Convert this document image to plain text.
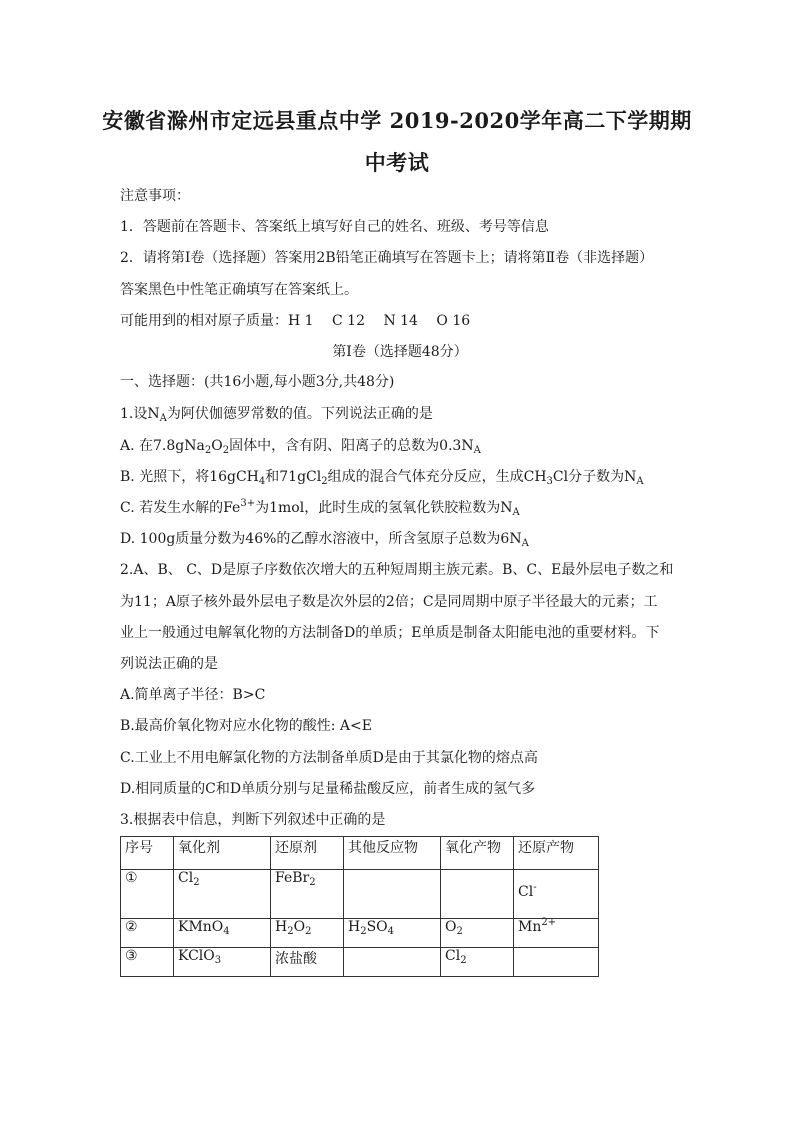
安徽省滁州市定远县重点中学 2019-2020学年高二下学期期
中考试
注意事项：
1．答题前在答题卡、答案纸上填写好自己的姓名、班级、考号等信息
2．请将第Ⅰ卷（选择题）答案用2B铅笔正确填写在答题卡上；请将第Ⅱ卷（非选择题）
答案黑色中性笔正确填写在答案纸上。
可能用到的相对原子质量：H 1　 C 12　 N 14　 O 16
第Ⅰ卷（选择题48分）
一、选择题：(共16小题,每小题3分,共48分)
1.设$N_A$为阿伏伽德罗常数的值。下列说法正确的是
A. 在$7.8gNa_2O_2$固体中，含有阴、阳离子的总数为$0.3N_A$
B. 光照下，将16gCH$_4$和71gCl$_2$组成的混合气体充分反应，生成$CH_3Cl$分子数为$N_A$
C. 若发生水解的$Fe^{3+}$为1mol，此时生成的氢氧化铁胶粒数为$N_A$
D. 100g质量分数为46%的乙醇水溶液中，所含氢原子总数为$6N_A$
2.A、B、 C、D是原子序数依次增大的五种短周期主族元素。B、C、E最外层电子数之和
为11；A原子核外最外层电子数是次外层的2倍；C是同周期中原子半径最大的元素；工
业上一般通过电解氧化物的方法制备D的单质；E单质是制备太阳能电池的重要材料。下
列说法正确的是
A.简单离子半径：B>C
B.最高价氧化物对应水化物的酸性: A<E
C.工业上不用电解氯化物的方法制备单质D是由于其氯化物的熔点高
D.相同质量的C和D单质分别与足量稀盐酸反应，前者生成的氢气多
3.根据表中信息，判断下列叙述中正确的是
序号	氧化剂	还原剂	其他反应物	氧化产物	还原产物
①	$Cl_2$	FeBr$_2$			Cl-
②	KMnO$_4$	$H_2O_2$	$H_2SO_4$	$O_2$	$Mn^{2+}$
③	KClO$_3$	浓盐酸		$Cl_2$	
